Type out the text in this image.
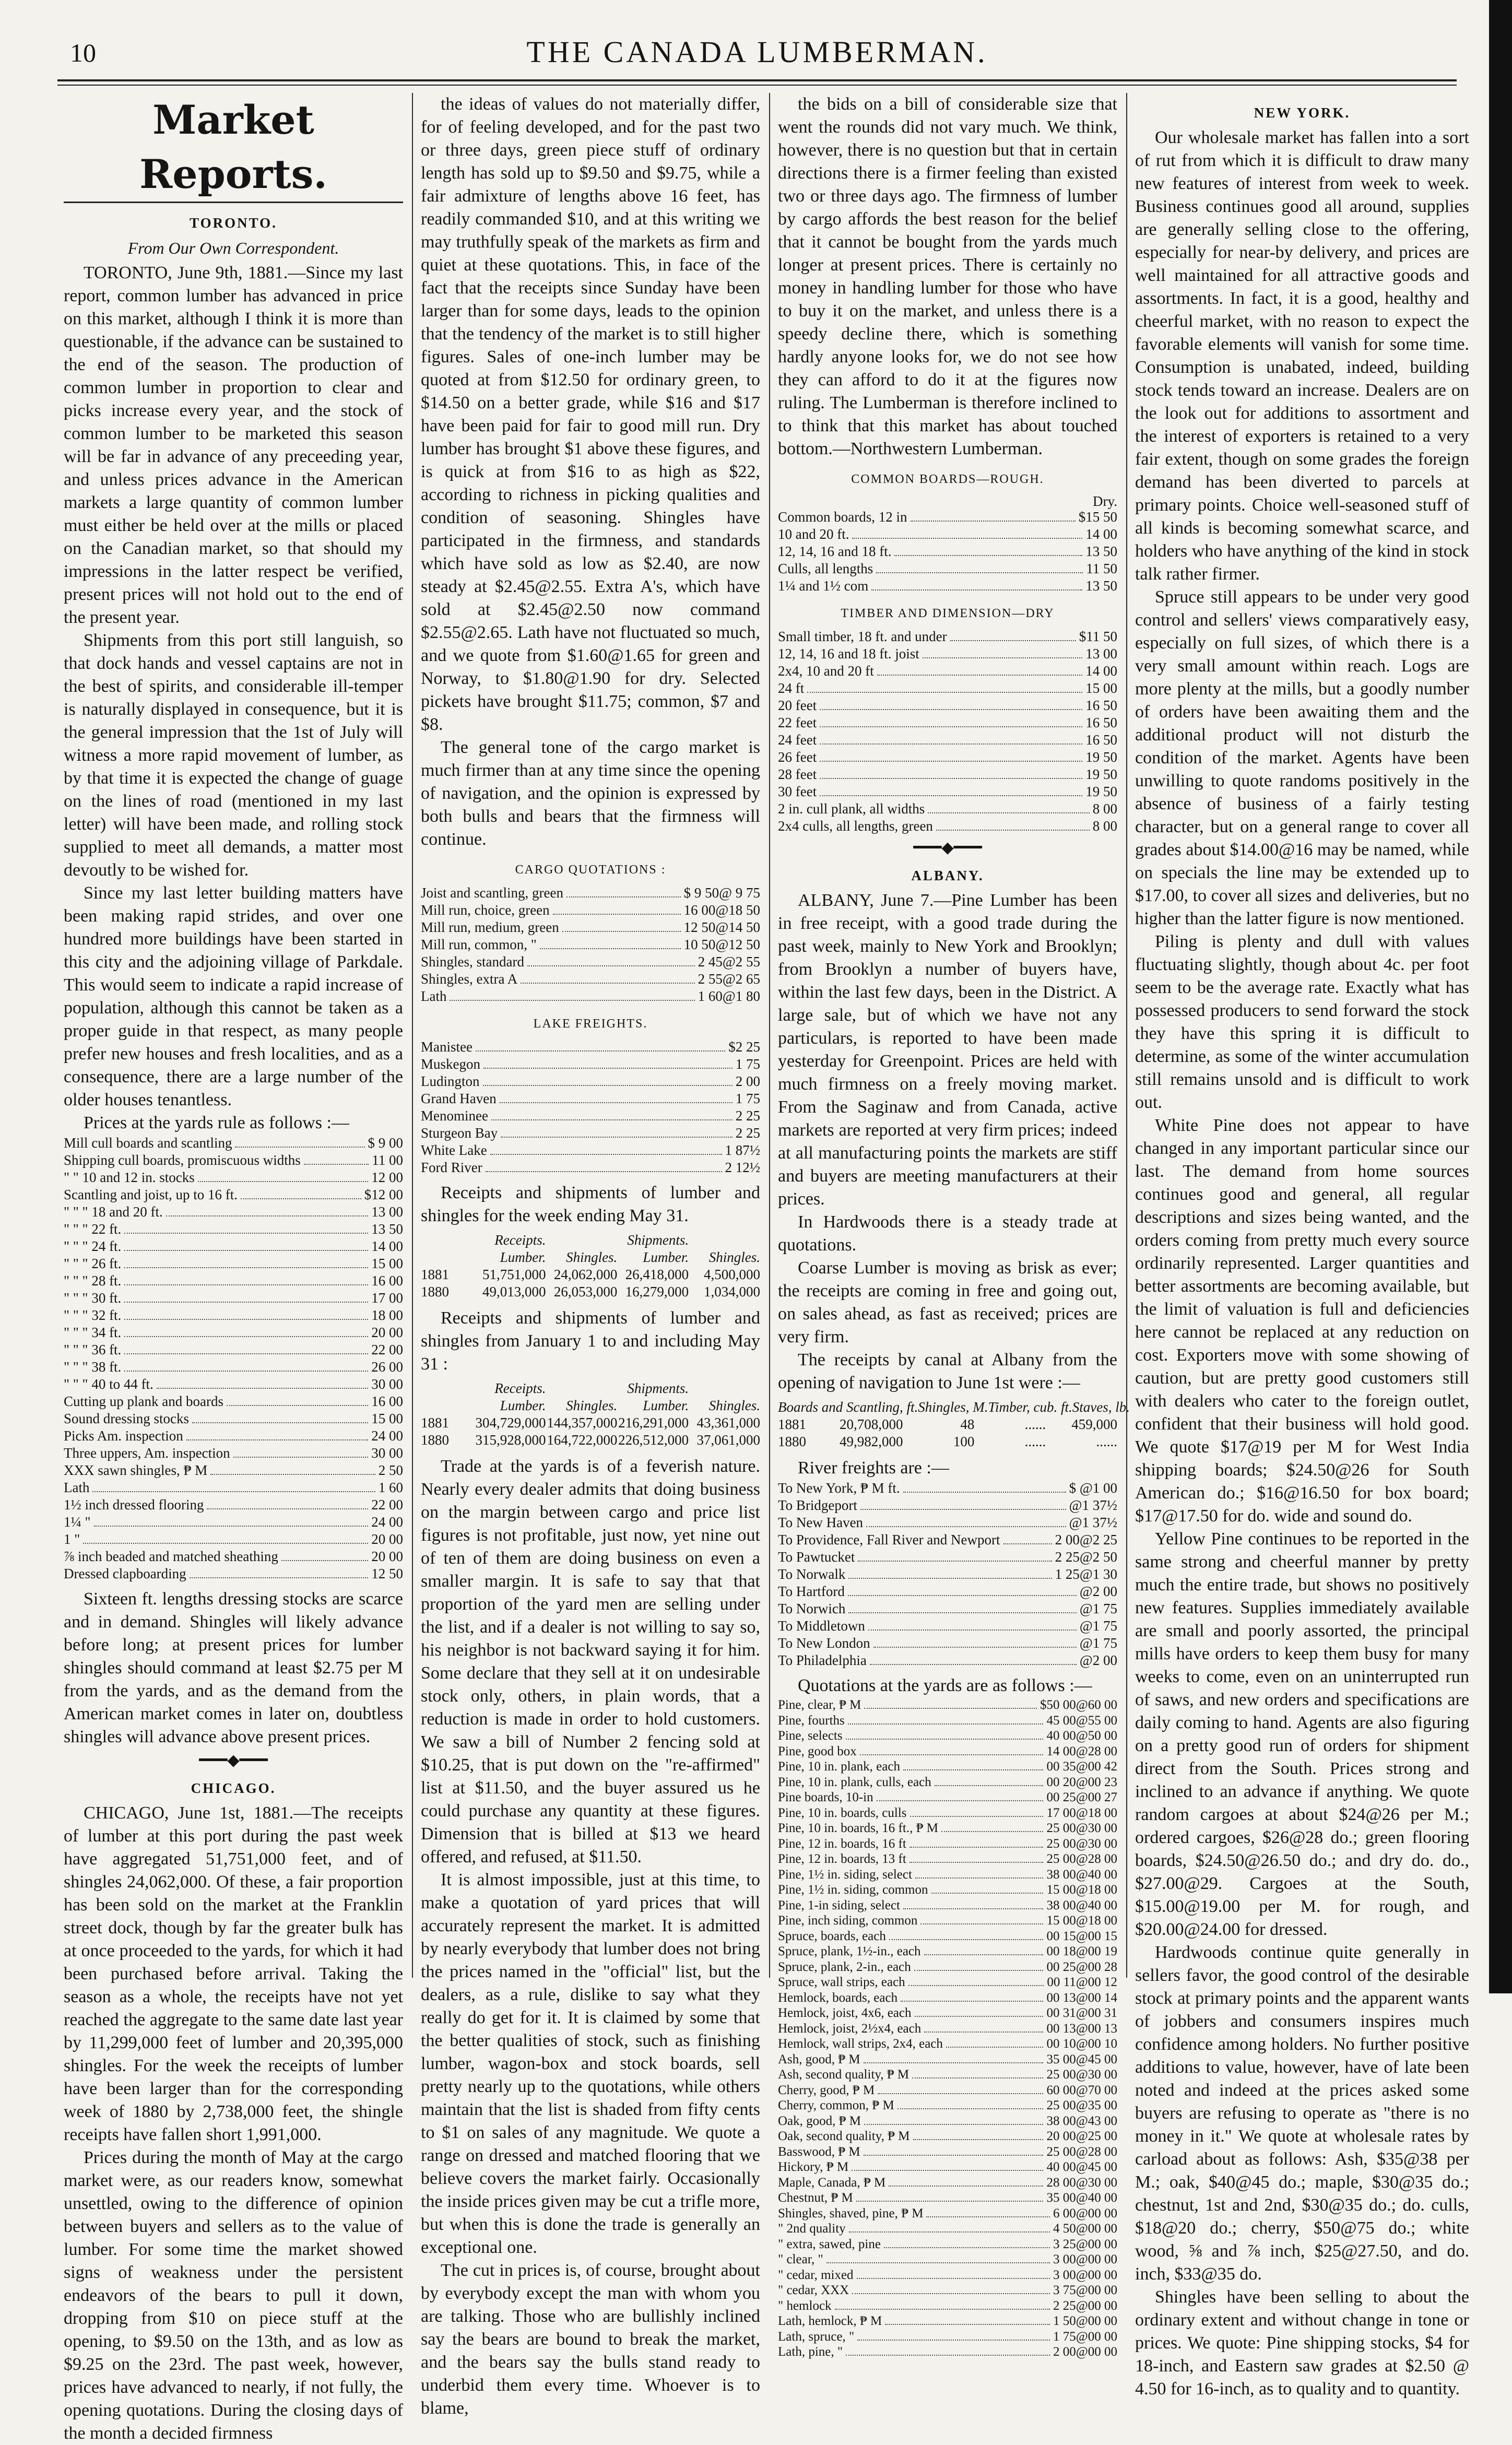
10	THE CANADA LUMBERMAN.
Market Reports.
TORONTO.
From Our Own Correspondent.

TORONTO, June 9th, 1881.—Since my last report, common lumber has advanced in price on this market, although I think it is more than questionable, if the advance can be sustained to the end of the season. The production of common lumber in proportion to clear and picks increase every year, and the stock of common lumber to be marketed this season will be far in advance of any preceeding year, and unless prices advance in the American markets a large quantity of common lumber must either be held over at the mills or placed on the Canadian market, so that should my impressions in the latter respect be verified, present prices will not hold out to the end of the present year.

Shipments from this port still languish, so that dock hands and vessel captains are not in the best of spirits, and considerable ill-temper is naturally displayed in consequence, but it is the general impression that the 1st of July will witness a more rapid movement of lumber, as by that time it is expected the change of guage on the lines of road (mentioned in my last letter) will have been made, and rolling stock supplied to meet all demands, a matter most devoutly to be wished for.

Since my last letter building matters have been making rapid strides, and over one hundred more buildings have been started in this city and the adjoining village of Parkdale. This would seem to indicate a rapid increase of population, although this cannot be taken as a proper guide in that respect, as many people prefer new houses and fresh localities, and as a consequence, there are a large number of the older houses tenantless.

Prices at the yards rule as follows :—

Mill cull boards and scantling	$ 9 00
Shipping cull boards, promiscuous widths	11 00
" " 10 and 12 in. stocks	12 00
Scantling and joist, up to 16 ft.	$12 00
" " " 18 and 20 ft.	13 00
" " " 22 ft.	13 50
" " " 24 ft.	14 00
" " " 26 ft.	15 00
" " " 28 ft.	16 00
" " " 30 ft.	17 00
" " " 32 ft.	18 00
" " " 34 ft.	20 00
" " " 36 ft.	22 00
" " " 38 ft.	26 00
" " " 40 to 44 ft.	30 00
Cutting up plank and boards	16 00
Sound dressing stocks	15 00
Picks Am. inspection	24 00
Three uppers, Am. inspection	30 00
XXX sawn shingles, ₱ M	2 50
Lath	1 60
1½ inch dressed flooring	22 00
1¼ "	24 00
1 "	20 00
⅞ inch beaded and matched sheathing	20 00
Dressed clapboarding	12 50

Sixteen ft. lengths dressing stocks are scarce and in demand. Shingles will likely advance before long; at present prices for lumber shingles should command at least $2.75 per M from the yards, and as the demand from the American market comes in later on, doubtless shingles will advance above present prices.

━━━◆━━━
CHICAGO.

CHICAGO, June 1st, 1881.—The receipts of lumber at this port during the past week have aggregated 51,751,000 feet, and of shingles 24,062,000. Of these, a fair proportion has been sold on the market at the Franklin street dock, though by far the greater bulk has at once proceeded to the yards, for which it had been purchased before arrival. Taking the season as a whole, the receipts have not yet reached the aggregate to the same date last year by 11,299,000 feet of lumber and 20,395,000 shingles. For the week the receipts of lumber have been larger than for the corresponding week of 1880 by 2,738,000 feet, the shingle receipts have fallen short 1,991,000.

Prices during the month of May at the cargo market were, as our readers know, somewhat unsettled, owing to the difference of opinion between buyers and sellers as to the value of lumber. For some time the market showed signs of weakness under the persistent endeavors of the bears to pull it down, dropping from $10 on piece stuff at the opening, to $9.50 on the 13th, and as low as $9.25 on the 23rd. The past week, however, prices have advanced to nearly, if not fully, the opening quotations. During the closing days of the month a decided firmness

the ideas of values do not materially differ, for of feeling developed, and for the past two or three days, green piece stuff of ordinary length has sold up to $9.50 and $9.75, while a fair admixture of lengths above 16 feet, has readily commanded $10, and at this writing we may truthfully speak of the markets as firm and quiet at these quotations. This, in face of the fact that the receipts since Sunday have been larger than for some days, leads to the opinion that the tendency of the market is to still higher figures. Sales of one-inch lumber may be quoted at from $12.50 for ordinary green, to $14.50 on a better grade, while $16 and $17 have been paid for fair to good mill run. Dry lumber has brought $1 above these figures, and is quick at from $16 to as high as $22, according to richness in picking qualities and condition of seasoning. Shingles have participated in the firmness, and standards which have sold as low as $2.40, are now steady at $2.45@2.55. Extra A's, which have sold at $2.45@2.50 now command $2.55@2.65. Lath have not fluctuated so much, and we quote from $1.60@1.65 for green and Norway, to $1.80@1.90 for dry. Selected pickets have brought $11.75; common, $7 and $8.

The general tone of the cargo market is much firmer than at any time since the opening of navigation, and the opinion is expressed by both bulls and bears that the firmness will continue.

CARGO QUOTATIONS :
Joist and scantling, green	$ 9 50@ 9 75
Mill run, choice, green	16 00@18 50
Mill run, medium, green	12 50@14 50
Mill run, common, "	10 50@12 50
Shingles, standard	2 45@2 55
Shingles, extra A	2 55@2 65
Lath	1 60@1 80
LAKE FREIGHTS.
Manistee	$2 25
Muskegon	1 75
Ludington	2 00
Grand Haven	1 75
Menominee	2 25
Sturgeon Bay	2 25
White Lake	1 87½
Ford River	2 12½

Receipts and shipments of lumber and shingles for the week ending May 31.

Receipts.	Shipments.
Lumber.	Shingles.	Lumber.	Shingles.
1881	51,751,000 24,062,000 26,418,000	4,500,000
1880	49,013,000 26,053,000 16,279,000	1,034,000

Receipts and shipments of lumber and shingles from January 1 to and including May 31 :

Receipts.	Shipments.
Lumber.	Shingles.	Lumber.	Shingles.
1881	304,729,000 144,357,000 216,291,000 43,361,000
1880	315,928,000 164,722,000 226,512,000 37,061,000

Trade at the yards is of a feverish nature. Nearly every dealer admits that doing business on the margin between cargo and price list figures is not profitable, just now, yet nine out of ten of them are doing business on even a smaller margin. It is safe to say that that proportion of the yard men are selling under the list, and if a dealer is not willing to say so, his neighbor is not backward saying it for him. Some declare that they sell at it on undesirable stock only, others, in plain words, that a reduction is made in order to hold customers. We saw a bill of Number 2 fencing sold at $10.25, that is put down on the "re-affirmed" list at $11.50, and the buyer assured us he could purchase any quantity at these figures. Dimension that is billed at $13 we heard offered, and refused, at $11.50.

It is almost impossible, just at this time, to make a quotation of yard prices that will accurately represent the market. It is admitted by nearly everybody that lumber does not bring the prices named in the "official" list, but the dealers, as a rule, dislike to say what they really do get for it. It is claimed by some that the better qualities of stock, such as finishing lumber, wagon-box and stock boards, sell pretty nearly up to the quotations, while others maintain that the list is shaded from fifty cents to $1 on sales of any magnitude. We quote a range on dressed and matched flooring that we believe covers the market fairly. Occasionally the inside prices given may be cut a trifle more, but when this is done the trade is generally an exceptional one.

The cut in prices is, of course, brought about by everybody except the man with whom you are talking. Those who are bullishly inclined say the bears are bound to break the market, and the bears say the bulls stand ready to underbid them every time. Whoever is to blame,

the bids on a bill of considerable size that went the rounds did not vary much. We think, however, there is no question but that in certain directions there is a firmer feeling than existed two or three days ago. The firmness of lumber by cargo affords the best reason for the belief that it cannot be bought from the yards much longer at present prices. There is certainly no money in handling lumber for those who have to buy it on the market, and unless there is a speedy decline there, which is something hardly anyone looks for, we do not see how they can afford to do it at the figures now ruling. The Lumberman is therefore inclined to to think that this market has about touched bottom.—Northwestern Lumberman.

COMMON BOARDS—ROUGH.
Dry.
Common boards, 12 in	$15 50
10 and 20 ft.	14 00
12, 14, 16 and 18 ft.	13 50
Culls, all lengths	11 50
1¼ and 1½ com	13 50
TIMBER AND DIMENSION—DRY
Small timber, 18 ft. and under	$11 50
12, 14, 16 and 18 ft. joist	13 00
2x4, 10 and 20 ft	14 00
24 ft	15 00
20 feet	16 50
22 feet	16 50
24 feet	16 50
26 feet	19 50
28 feet	19 50
30 feet	19 50
2 in. cull plank, all widths	8 00
2x4 culls, all lengths, green	8 00
━━━◆━━━
ALBANY.

ALBANY, June 7.—Pine Lumber has been in free receipt, with a good trade during the past week, mainly to New York and Brooklyn; from Brooklyn a number of buyers have, within the last few days, been in the District. A large sale, but of which we have not any particulars, is reported to have been made yesterday for Greenpoint. Prices are held with much firmness on a freely moving market. From the Saginaw and from Canada, active markets are reported at very firm prices; indeed at all manufacturing points the markets are stiff and buyers are meeting manufacturers at their prices.

In Hardwoods there is a steady trade at quotations.

Coarse Lumber is moving as brisk as ever; the receipts are coming in free and going out, on sales ahead, as fast as received; prices are very firm.

The receipts by canal at Albany from the opening of navigation to June 1st were :—

Boards and Scantling, ft. Shingles, M. Timber, cub. ft. Staves, lb.
1881	20,708,000	48	......	459,000
1880	49,982,000	100	......	......

River freights are :—

To New York, ₱ M ft.	$ @1 00
To Bridgeport	@1 37½
To New Haven	@1 37½
To Providence, Fall River and Newport	2 00@2 25
To Pawtucket	2 25@2 50
To Norwalk	1 25@1 30
To Hartford	@2 00
To Norwich	@1 75
To Middletown	@1 75
To New London	@1 75
To Philadelphia	@2 00

Quotations at the yards are as follows :—

Pine, clear, ₱ M	$50 00@60 00
Pine, fourths	45 00@55 00
Pine, selects	40 00@50 00
Pine, good box	14 00@28 00
Pine, 10 in. plank, each	00 35@00 42
Pine, 10 in. plank, culls, each	00 20@00 23
Pine boards, 10-in	00 25@00 27
Pine, 10 in. boards, culls	17 00@18 00
Pine, 10 in. boards, 16 ft., ₱ M	25 00@30 00
Pine, 12 in. boards, 16 ft	25 00@30 00
Pine, 12 in. boards, 13 ft	25 00@28 00
Pine, 1½ in. siding, select	38 00@40 00
Pine, 1½ in. siding, common	15 00@18 00
Pine, 1-in siding, select	38 00@40 00
Pine, inch siding, common	15 00@18 00
Spruce, boards, each	00 15@00 15
Spruce, plank, 1½-in., each	00 18@00 19
Spruce, plank, 2-in., each	00 25@00 28
Spruce, wall strips, each	00 11@00 12
Hemlock, boards, each	00 13@00 14
Hemlock, joist, 4x6, each	00 31@00 31
Hemlock, joist, 2½x4, each	00 13@00 13
Hemlock, wall strips, 2x4, each	00 10@00 10
Ash, good, ₱ M	35 00@45 00
Ash, second quality, ₱ M	25 00@30 00
Cherry, good, ₱ M	60 00@70 00
Cherry, common, ₱ M	25 00@35 00
Oak, good, ₱ M	38 00@43 00
Oak, second quality, ₱ M	20 00@25 00
Basswood, ₱ M	25 00@28 00
Hickory, ₱ M	40 00@45 00
Maple, Canada, ₱ M	28 00@30 00
Chestnut, ₱ M	35 00@40 00
Shingles, shaved, pine, ₱ M	6 00@00 00
" 2nd quality	4 50@00 00
" extra, sawed, pine	3 25@00 00
" clear, "	3 00@00 00
" cedar, mixed	3 00@00 00
" cedar, XXX	3 75@00 00
" hemlock	2 25@00 00
Lath, hemlock, ₱ M	1 50@00 00
Lath, spruce, "	1 75@00 00
Lath, pine, "	2 00@00 00
NEW YORK.

Our wholesale market has fallen into a sort of rut from which it is difficult to draw many new features of interest from week to week. Business continues good all around, supplies are generally selling close to the offering, especially for near-by delivery, and prices are well maintained for all attractive goods and assortments. In fact, it is a good, healthy and cheerful market, with no reason to expect the favorable elements will vanish for some time. Consumption is unabated, indeed, building stock tends toward an increase. Dealers are on the look out for additions to assortment and the interest of exporters is retained to a very fair extent, though on some grades the foreign demand has been diverted to parcels at primary points. Choice well-seasoned stuff of all kinds is becoming somewhat scarce, and holders who have anything of the kind in stock talk rather firmer.

Spruce still appears to be under very good control and sellers' views comparatively easy, especially on full sizes, of which there is a very small amount within reach. Logs are more plenty at the mills, but a goodly number of orders have been awaiting them and the additional product will not disturb the condition of the market. Agents have been unwilling to quote randoms positively in the absence of business of a fairly testing character, but on a general range to cover all grades about $14.00@16 may be named, while on specials the line may be extended up to $17.00, to cover all sizes and deliveries, but no higher than the latter figure is now mentioned.

Piling is plenty and dull with values fluctuating slightly, though about 4c. per foot seem to be the average rate. Exactly what has possessed producers to send forward the stock they have this spring it is difficult to determine, as some of the winter accumulation still remains unsold and is difficult to work out.

White Pine does not appear to have changed in any important particular since our last. The demand from home sources continues good and general, all regular descriptions and sizes being wanted, and the orders coming from pretty much every source ordinarily represented. Larger quantities and better assortments are becoming available, but the limit of valuation is full and deficiencies here cannot be replaced at any reduction on cost. Exporters move with some showing of caution, but are pretty good customers still with dealers who cater to the foreign outlet, confident that their business will hold good. We quote $17@19 per M for West India shipping boards; $24.50@26 for South American do.; $16@16.50 for box board; $17@17.50 for do. wide and sound do.

Yellow Pine continues to be reported in the same strong and cheerful manner by pretty much the entire trade, but shows no positively new features. Supplies immediately available are small and poorly assorted, the principal mills have orders to keep them busy for many weeks to come, even on an uninterrupted run of saws, and new orders and specifications are daily coming to hand. Agents are also figuring on a pretty good run of orders for shipment direct from the South. Prices strong and inclined to an advance if anything. We quote random cargoes at about $24@26 per M.; ordered cargoes, $26@28 do.; green flooring boards, $24.50@26.50 do.; and dry do. do., $27.00@29. Cargoes at the South, $15.00@19.00 per M. for rough, and $20.00@24.00 for dressed.

Hardwoods continue quite generally in sellers favor, the good control of the desirable stock at primary points and the apparent wants of jobbers and consumers inspires much confidence among holders. No further positive additions to value, however, have of late been noted and indeed at the prices asked some buyers are refusing to operate as "there is no money in it." We quote at wholesale rates by carload about as follows: Ash, $35@38 per M.; oak, $40@45 do.; maple, $30@35 do.; chestnut, 1st and 2nd, $30@35 do.; do. culls, $18@20 do.; cherry, $50@75 do.; white wood, ⅝ and ⅞ inch, $25@27.50, and do. inch, $33@35 do.

Shingles have been selling to about the ordinary extent and without change in tone or prices. We quote: Pine shipping stocks, $4 for 18-inch, and Eastern saw grades at $2.50 @ 4.50 for 16-inch, as to quality and to quantity.
